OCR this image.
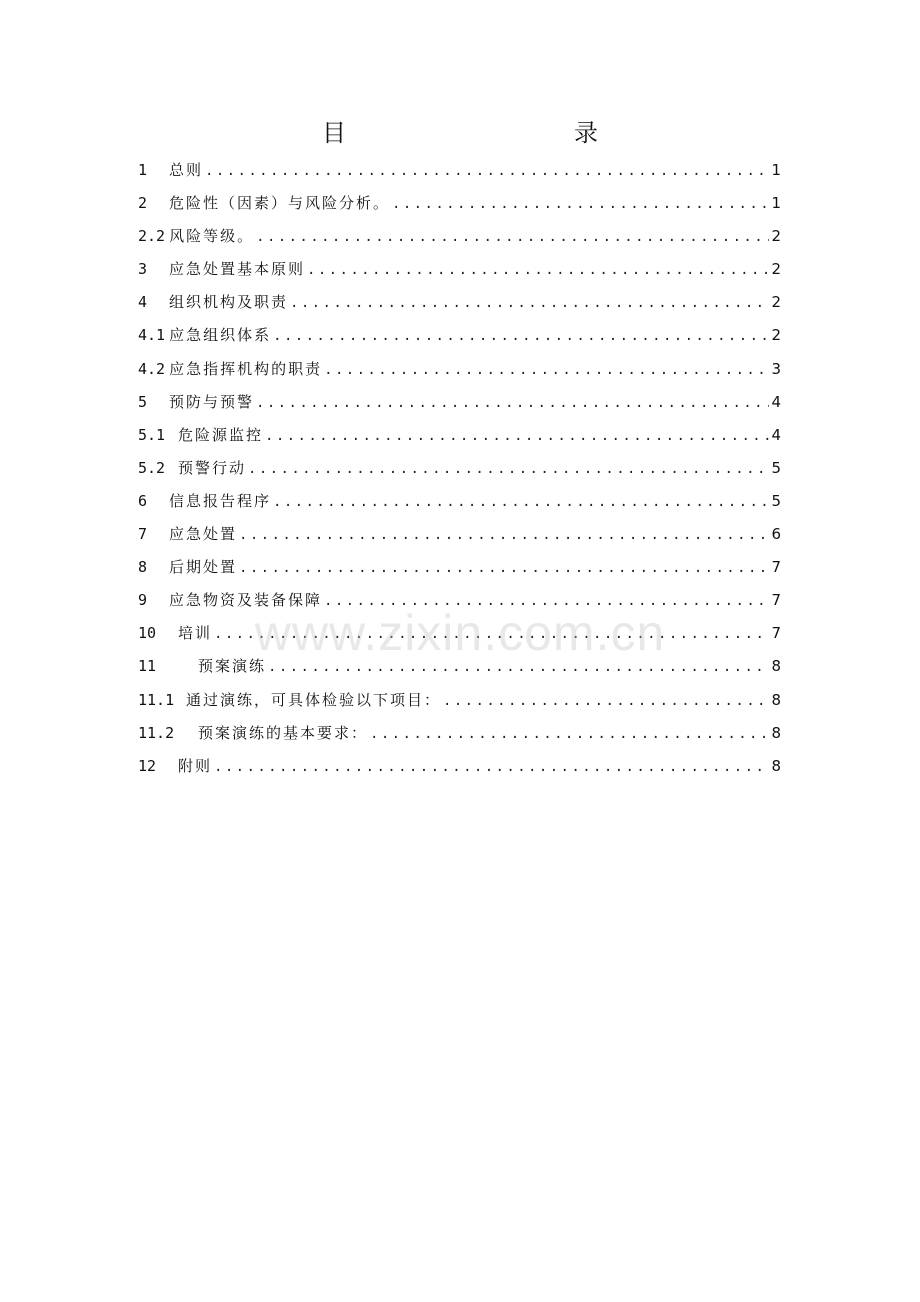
目　　录
1	总则 .....	1
2	危险性（因素）与风险分析。 .....	1
2.2 风险等级。 .....	2
3	应急处置基本原则 .....	2
4	组织机构及职责 .....	2
4.1 应急组织体系 .....	2
4.2 应急指挥机构的职责 .....	3
5	预防与预警 .....	4
5.1 危险源监控 .....	4
5.2 预警行动 .....	5
6	信息报告程序 .....	5
7	应急处置 .....	6
8	后期处置 .....	7
9	应急物资及装备保障 .....	7
10	培训 .....	7
11	预案演练 .....	8
11.1 通过演练，可具体检验以下项目： .....	8
11.2	预案演练的基本要求： .....	8
12	附则 .....	8
www.zixin.com.cn
